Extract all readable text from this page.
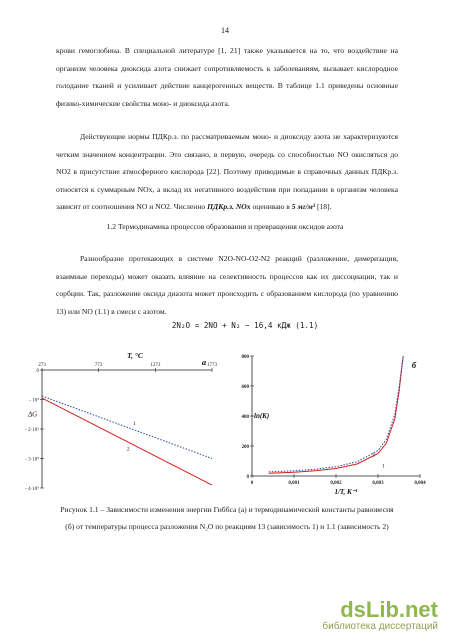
14

крови гемоглобина. В специальной литературе [1, 21] также указывается на то, что воздействие на организм человека диоксида азота снижает сопротивляемость к заболеваниям, вызывает кислородное голодание тканей и усиливает действие канцерогенных веществ. В таблице 1.1 приведены основные физико-химические свойства моно- и диоксида азота.

Действующие нормы ПДКр.з. по рассматриваемым моно- и диоксиду азота не характеризуются четким значением концентрации. Это связано, в первую, очередь со способностью NO окисляться до NO2 в присутствие атмосферного кислорода [22]. Поэтому приводимые в справочных данных ПДКр.з. относятся к суммарным NOx, а вклад их негативного воздействия при попадании в организм человека зависит от соотношения NO и NO2. Численно ПДКр.з. NOx оцениваю в 5 мг/м³ [18].

1.2 Термодинамика процессов образования и превращения оксидов азота

Разнообразие протекающих в системе N2O-NO-O2-N2 реакций (разложение, димеризация, взаимные переходы) может оказать влияние на селективность процессов как их диссоциации, так и сорбции. Так, разложение оксида диазота может происходить с образованием кислорода (по уравнению 13) или NO (1.1) в смеси с азотом.

2N₂O = 2NO + N₂ − 16,4 кДж (1.1)
273	773	1273	1773
0
- 10⁵
- 2·10⁵
- 3·10⁵
- 4·10⁵
T, °C
а
ΔG
1
2
0	0,001	0,002	0,003	0,004
800
600
400
200
0
1/T, K⁻¹
ln(K)
б
1
2

Рисунок 1.1 – Зависимости изменения энергии Гиббса (а) и термодинамической константы равновесия (б) от температуры процесса разложения N₂O по реакциям 13 (зависимость 1) и 1.1 (зависимость 2)

dsLib.net
библиотека диссертаций
